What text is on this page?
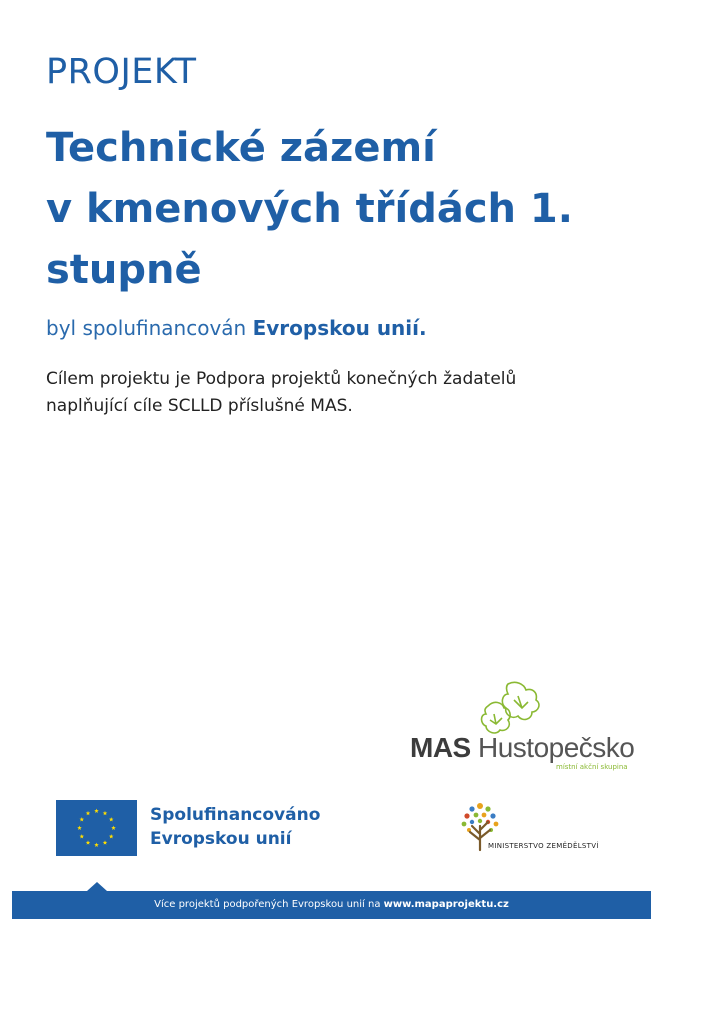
PROJEKT
Technické zázemí
v kmenových třídách 1.
stupně
byl spolufinancován Evropskou unií.
Cílem projektu je Podpora projektů konečných žadatelů
naplňující cíle SCLLD příslušné MAS.
MAS Hustopečsko
místní akční skupina
Spolufinancováno
Evropskou unií	MINISTERSTVO ZEMĚDĚLSTVÍ
Více projektů podpořených Evropskou unií na www.mapaprojektu.cz
